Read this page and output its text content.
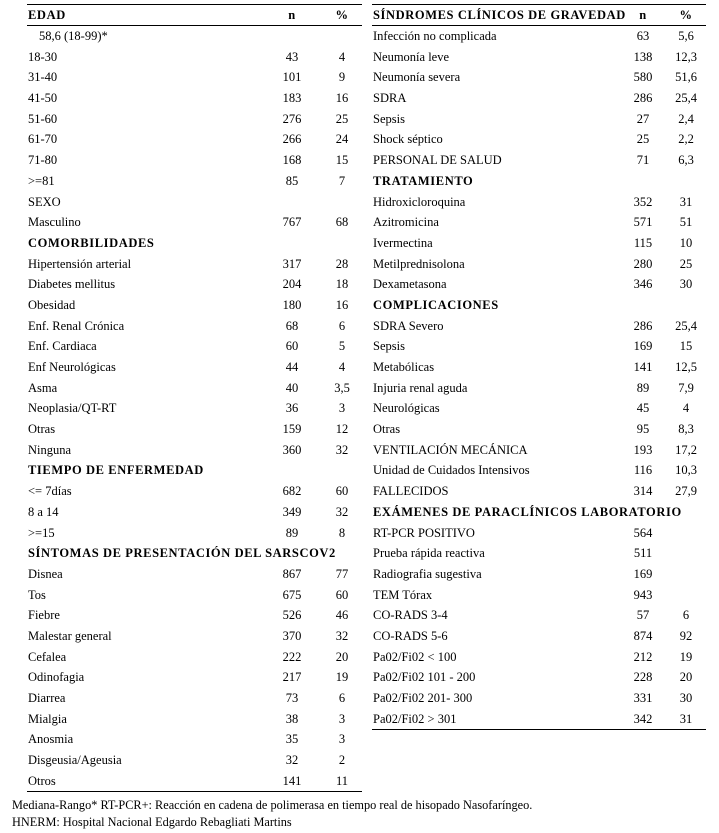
EDAD	n	%
58,6 (18-99)*
18-30	43	4
31-40	101	9
41-50	183	16
51-60	276	25
61-70	266	24
71-80	168	15
>=81	85	7
SEXO
Masculino	767	68
COMORBILIDADES
Hipertensión arterial	317	28
Diabetes mellitus	204	18
Obesidad	180	16
Enf. Renal Crónica	68	6
Enf. Cardiaca	60	5
Enf Neurológicas	44	4
Asma	40	3,5
Neoplasia/QT-RT	36	3
Otras	159	12
Ninguna	360	32
TIEMPO DE ENFERMEDAD
<= 7días	682	60
8 a 14	349	32
>=15	89	8
SÍNTOMAS DE PRESENTACIÓN DEL SARSCOV2
Disnea	867	77
Tos	675	60
Fiebre	526	46
Malestar general	370	32
Cefalea	222	20
Odinofagia	217	19
Diarrea	73	6
Mialgia	38	3
Anosmia	35	3
Disgeusia/Ageusia	32	2
Otros	141	11
SÍNDROMES CLÍNICOS DE GRAVEDAD	n	%
Infección no complicada	63	5,6
Neumonía leve	138	12,3
Neumonía severa	580	51,6
SDRA	286	25,4
Sepsis	27	2,4
Shock séptico	25	2,2
PERSONAL DE SALUD	71	6,3
TRATAMIENTO
Hidroxicloroquina	352	31
Azitromicina	571	51
Ivermectina	115	10
Metilprednisolona	280	25
Dexametasona	346	30
COMPLICACIONES
SDRA Severo	286	25,4
Sepsis	169	15
Metabólicas	141	12,5
Injuria renal aguda	89	7,9
Neurológicas	45	4
Otras	95	8,3
VENTILACIÓN MECÁNICA	193	17,2
Unidad de Cuidados Intensivos	116	10,3
FALLECIDOS	314	27,9
EXÁMENES DE PARACLÍNICOS LABORATORIO
RT-PCR POSITIVO	564
Prueba rápida reactiva	511
Radiografia sugestiva	169
TEM Tórax	943
CO-RADS 3-4	57	6
CO-RADS 5-6	874	92
Pa02/Fi02 < 100	212	19
Pa02/Fi02 101 - 200	228	20
Pa02/Fi02 201- 300	331	30
Pa02/Fi02 > 301	342	31
Mediana-Rango* RT-PCR+: Reacción en cadena de polimerasa en tiempo real de hisopado Nasofaríngeo.
HNERM: Hospital Nacional Edgardo Rebagliati Martins
